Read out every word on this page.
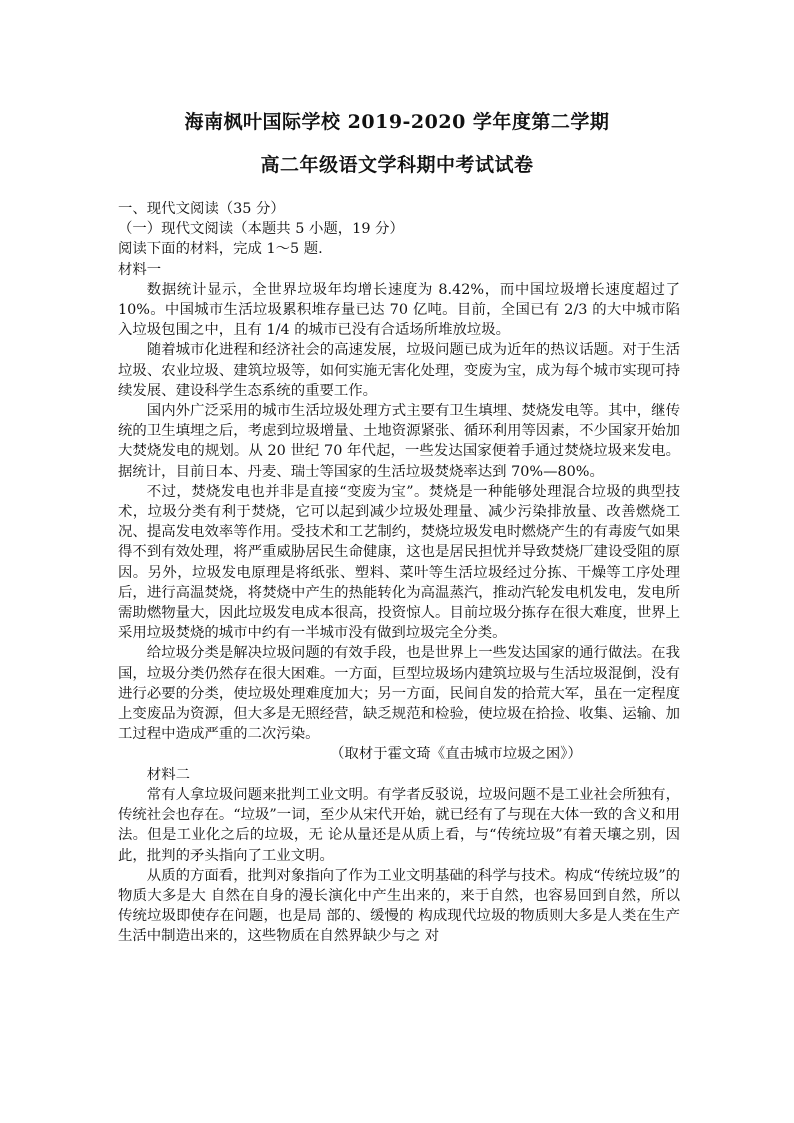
海南枫叶国际学校 2019-2020 学年度第二学期
高二年级语文学科期中考试试卷

一、现代文阅读（35 分）

（一）现代文阅读（本题共 5 小题，19 分）

阅读下面的材料，完成 1～5 题.

材料一

数据统计显示，全世界垃圾年均增长速度为 8.42%，而中国垃圾增长速度超过了 10%。中国城市生活垃圾累积堆存量已达 70 亿吨。目前，全国已有 2/3 的大中城市陷入垃圾包围之中，且有 1/4 的城市已没有合适场所堆放垃圾。

随着城市化进程和经济社会的高速发展，垃圾问题已成为近年的热议话题。对于生活垃圾、农业垃圾、建筑垃圾等，如何实施无害化处理，变废为宝，成为每个城市实现可持续发展、建设科学生态系统的重要工作。

国内外广泛采用的城市生活垃圾处理方式主要有卫生填埋、焚烧发电等。其中，继传统的卫生填埋之后，考虑到垃圾增量、土地资源紧张、循环利用等因素，不少国家开始加大焚烧发电的规划。从 20 世纪 70 年代起，一些发达国家便着手通过焚烧垃圾来发电。据统计，目前日本、丹麦、瑞士等国家的生活垃圾焚烧率达到 70%—80%。

不过，焚烧发电也并非是直接“变废为宝”。焚烧是一种能够处理混合垃圾的典型技术，垃圾分类有利于焚烧，它可以起到减少垃圾处理量、减少污染排放量、改善燃烧工况、提高发电效率等作用。受技术和工艺制约，焚烧垃圾发电时燃烧产生的有毒废气如果得不到有效处理，将严重威胁居民生命健康，这也是居民担忧并导致焚烧厂建设受阻的原因。另外，垃圾发电原理是将纸张、塑料、菜叶等生活垃圾经过分拣、干燥等工序处理后，进行高温焚烧，将焚烧中产生的热能转化为高温蒸汽，推动汽轮发电机发电，发电所需助燃物量大，因此垃圾发电成本很高，投资惊人。目前垃圾分拣存在很大难度，世界上采用垃圾焚烧的城市中约有一半城市没有做到垃圾完全分类。

给垃圾分类是解决垃圾问题的有效手段，也是世界上一些发达国家的通行做法。在我国，垃圾分类仍然存在很大困难。一方面，巨型垃圾场内建筑垃圾与生活垃圾混倒，没有进行必要的分类，使垃圾处理难度加大；另一方面，民间自发的拾荒大军，虽在一定程度上变废品为资源，但大多是无照经营，缺乏规范和检验，使垃圾在拾捡、收集、运输、加工过程中造成严重的二次污染。

（取材于霍文琦《直击城市垃圾之困》）

材料二

常有人拿垃圾问题来批判工业文明。有学者反驳说，垃圾问题不是工业社会所独有，传统社会也存在。“垃圾”一词，至少从宋代开始，就已经有了与现在大体一致的含义和用法。但是工业化之后的垃圾，无 论从量还是从质上看，与“传统垃圾”有着天壤之别，因此，批判的矛头指向了工业文明。

从质的方面看，批判对象指向了作为工业文明基础的科学与技术。构成“传统垃圾”的物质大多是大 自然在自身的漫长演化中产生出来的，来于自然，也容易回到自然，所以传统垃圾即使存在问题，也是局 部的、缓慢的 构成现代垃圾的物质则大多是人类在生产生活中制造出来的，这些物质在自然界缺少与之 对
